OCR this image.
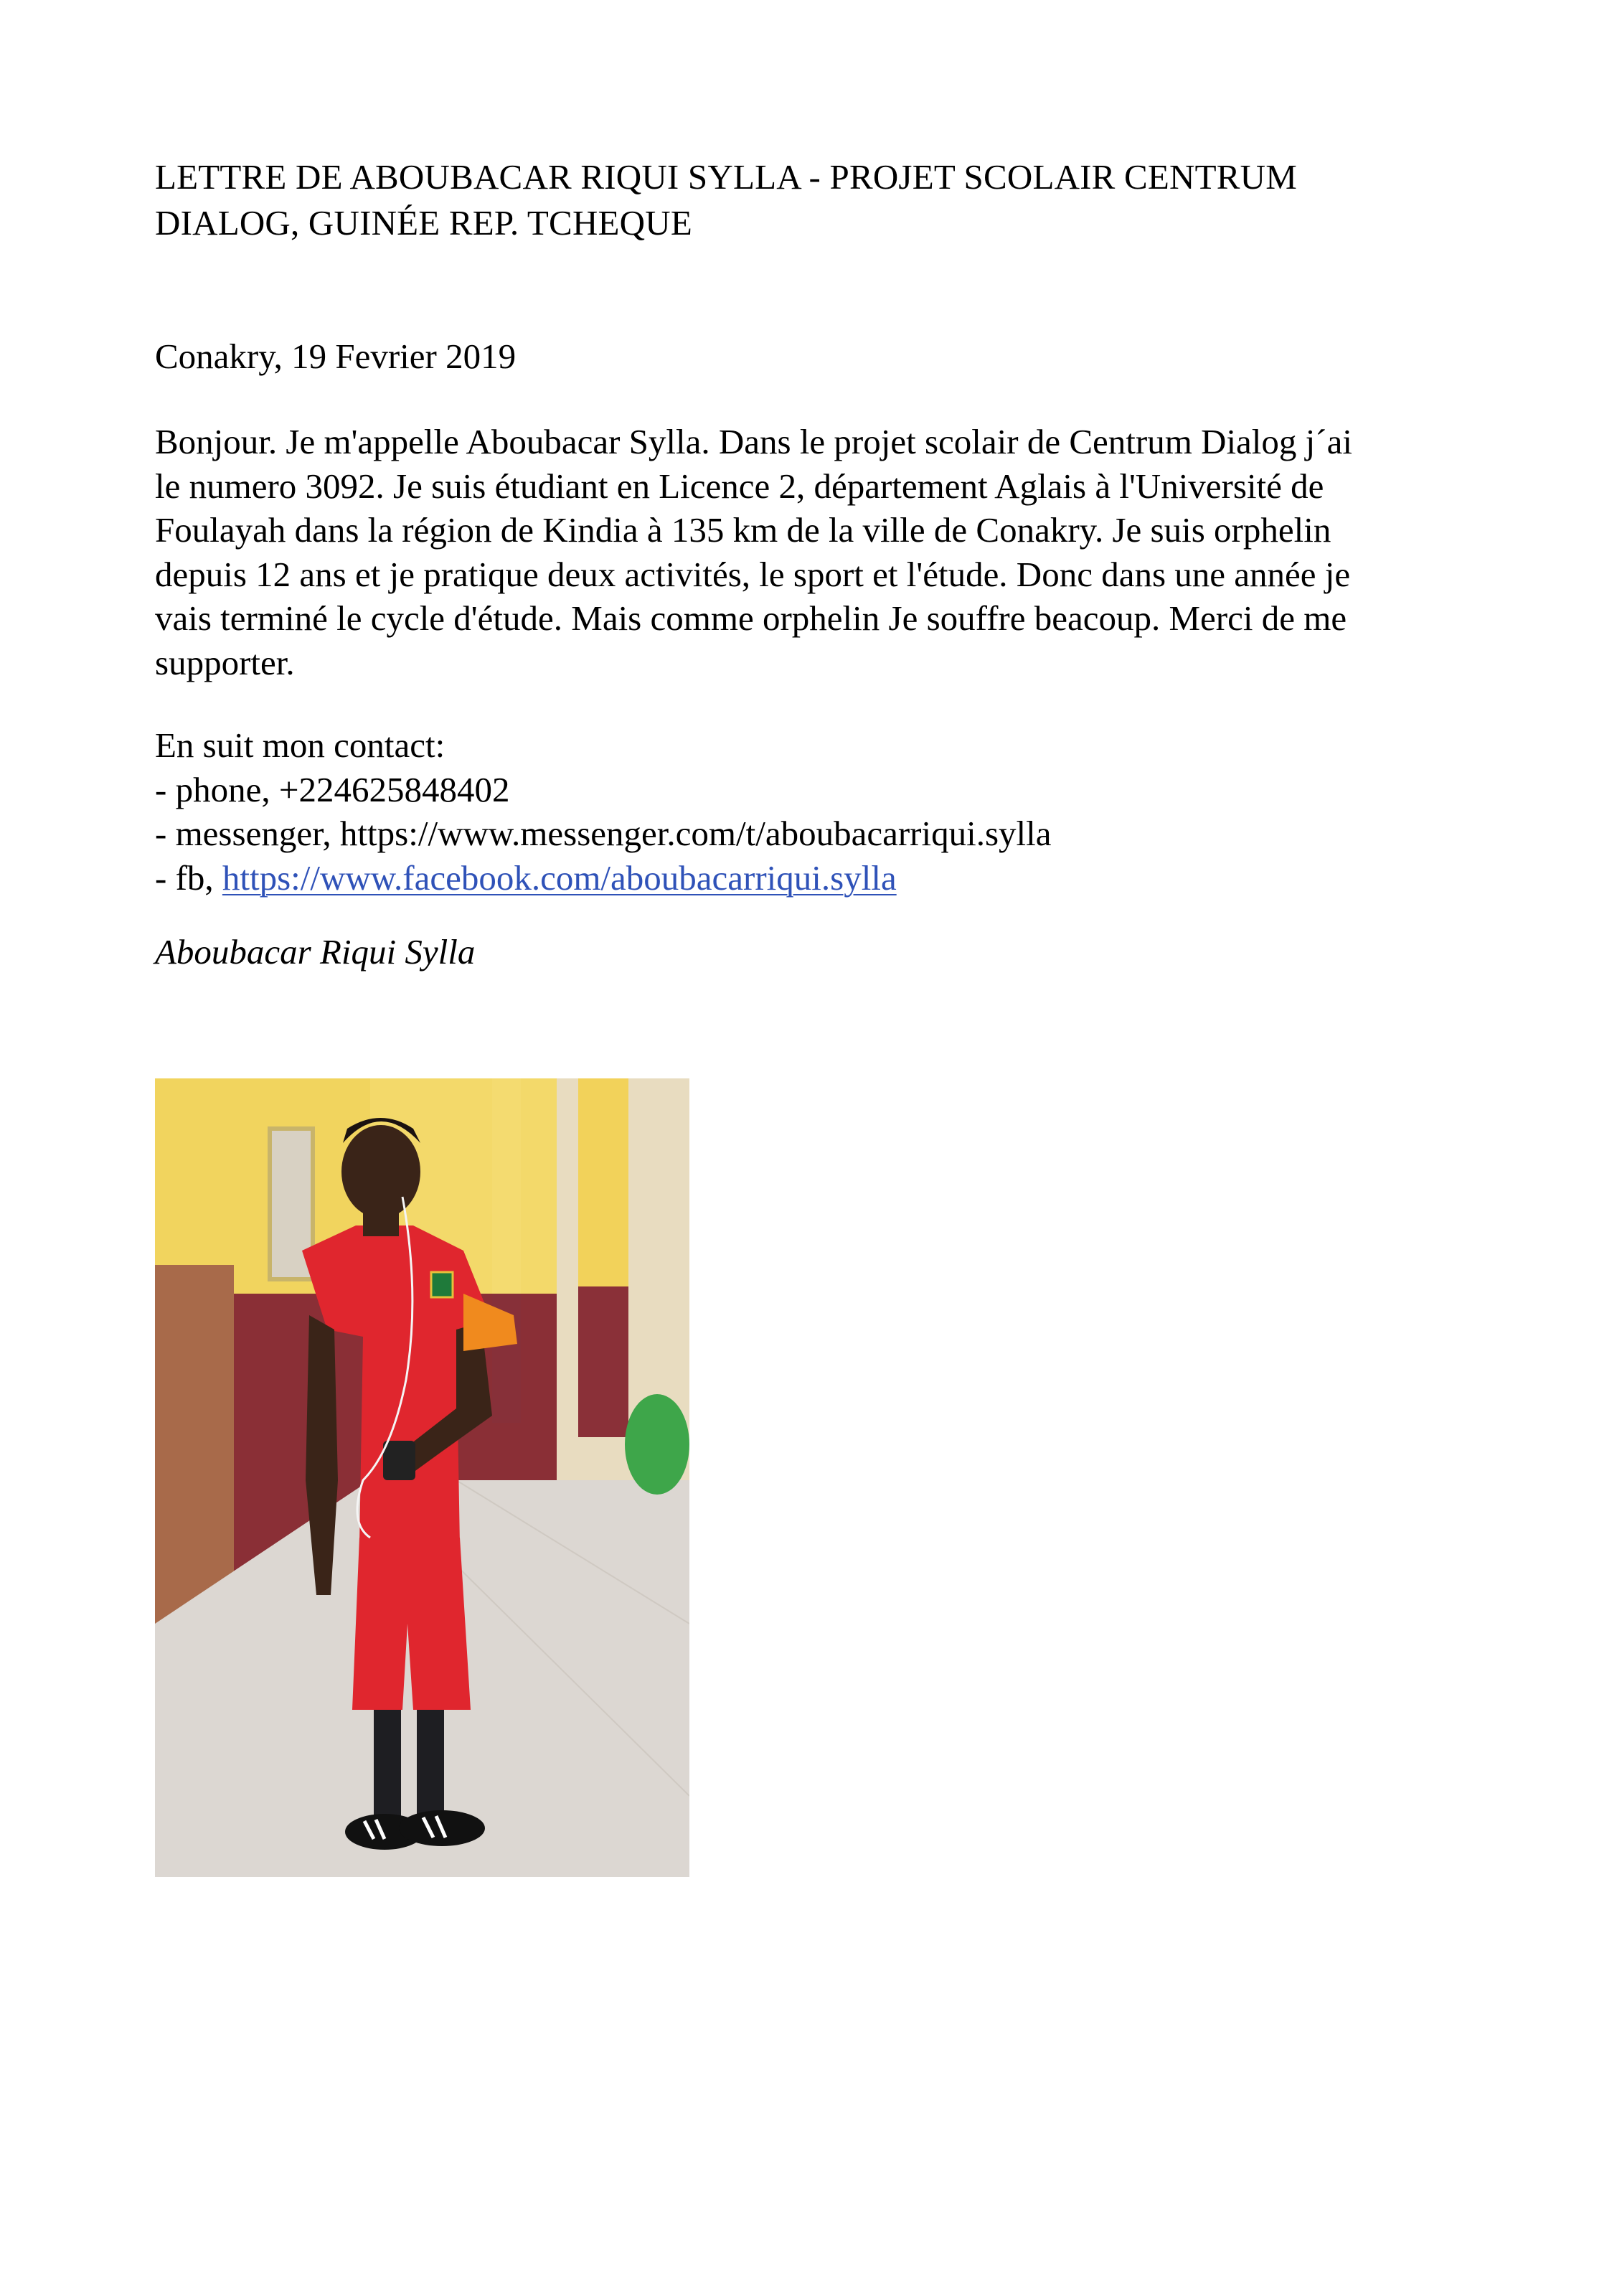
LETTRE DE ABOUBACAR RIQUI SYLLA - PROJET SCOLAIR CENTRUM
DIALOG, GUINÉE REP. TCHEQUE

Conakry, 19 Fevrier 2019

Bonjour. Je m'appelle Aboubacar Sylla. Dans le projet scolair de Centrum Dialog j´ai
le numero 3092. Je suis étudiant en Licence 2, département Aglais à l'Université de
Foulayah dans la région de Kindia à 135 km de la ville de Conakry. Je suis orphelin
depuis 12 ans et je pratique deux activités, le sport et l'étude. Donc dans une année je
vais terminé le cycle d'étude. Mais comme orphelin Je souffre beacoup. Merci de me
supporter.

En suit mon contact:
- phone, +224625848402
- messenger, https://www.messenger.com/t/aboubacarriqui.sylla
- fb, https://www.facebook.com/aboubacarriqui.sylla

Aboubacar Riqui Sylla
